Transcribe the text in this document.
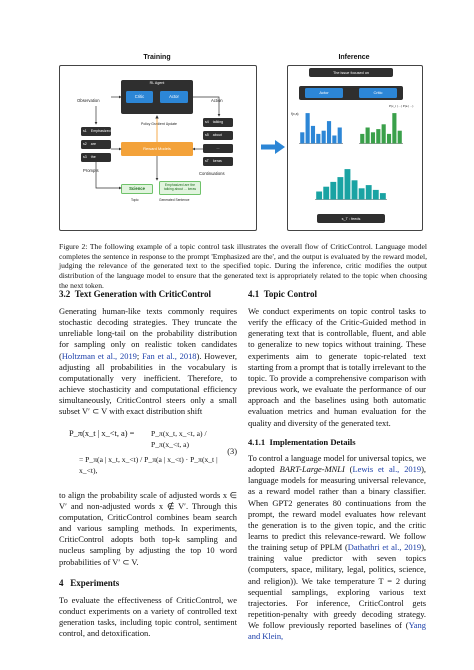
Training
RL Agent
Critic	Actor
Observation	Action
Policy Gradient Update
Reward Models
s1 Emphasized
s2 are
s3 the
Prompts
s4 talking
s5 about
...
sT keras
Continuations
Science
Emphasized are the talking about ... keras
Topic	Generated Sentence
Inference
The issue focused on
Actor	Critic
f(x,a)
P(x_t | ...) P(a | ...)
s_T : feeds
Figure 2: The following example of a topic control task illustrates the overall flow of CriticControl. Language model completes the sentence in response to the prompt 'Emphasized are the', and the output is evaluated by the reward model, judging the relevance of the generated text to the specified topic. During the inference, critic modifies the output distribution of the language model to ensure that the generated text is appropriately related to the topic when choosing the next token.
3.2 Text Generation with CriticControl

Generating human-like texts commonly requires stochastic decoding strategies. They truncate the unreliable long-tail on the probability distribution for sampling only on realistic token candidates (Holtzman et al., 2019; Fan et al., 2018). However, adjusting all probabilities in the vocabulary is computationally very inefficient. Therefore, to achieve stochasticity and computational efficiency simultaneously, CriticControl steers only a small subset V′ ⊂ V with exact distribution shift

P_π(x_t | x_<t, a) = P_π(x_t, x_<t, a) / P_π(x_<t, a)
= P_π(a | x_t, x_<t) / P_π(a | x_<t) · P_π(x_t | x_<t),
(3)

to align the probability scale of adjusted words x ∈ V′ and non-adjusted words x ∉ V′. Through this computation, CriticControl combines beam search and various sampling methods. In experiments, CriticControl adopts both top-k sampling and nucleus sampling by adjusting the top 10 word probabilities of V′ ⊂ V.

4 Experiments

To evaluate the effectiveness of CriticControl, we conduct experiments on a variety of controlled text generation tasks, including topic control, sentiment control, and detoxification.

4.1 Topic Control

We conduct experiments on topic control tasks to verify the efficacy of the Critic-Guided method in generating text that is controllable, fluent, and able to generalize to new topics without training. These experiments aim to generate topic-related text starting from a prompt that is totally irrelevant to the topic. To provide a comprehensive comparison with previous work, we evaluate the performance of our approach and the baselines using both automatic evaluation metrics and human evaluation for the quality and diversity of the generated text.

4.1.1 Implementation Details

To control a language model for universal topics, we adopted BART-Large-MNLI (Lewis et al., 2019), language models for measuring universal relevance, as a reward model rather than a binary classifier. When GPT2 generates 80 continuations from the prompt, the reward model evaluates how relevant the generation is to the given topic, and the critic learns to predict this relevance-reward. We follow the training setup of PPLM (Dathathri et al., 2019), training value predictor with seven topics (computers, space, military, legal, politics, science, and religion)). We take temperature T = 2 during sequential samplings, exploring various text trajectories. For inference, CriticControl gets repetition-penalty with greedy decoding strategy. We follow previously reported baselines of (Yang and Klein,
